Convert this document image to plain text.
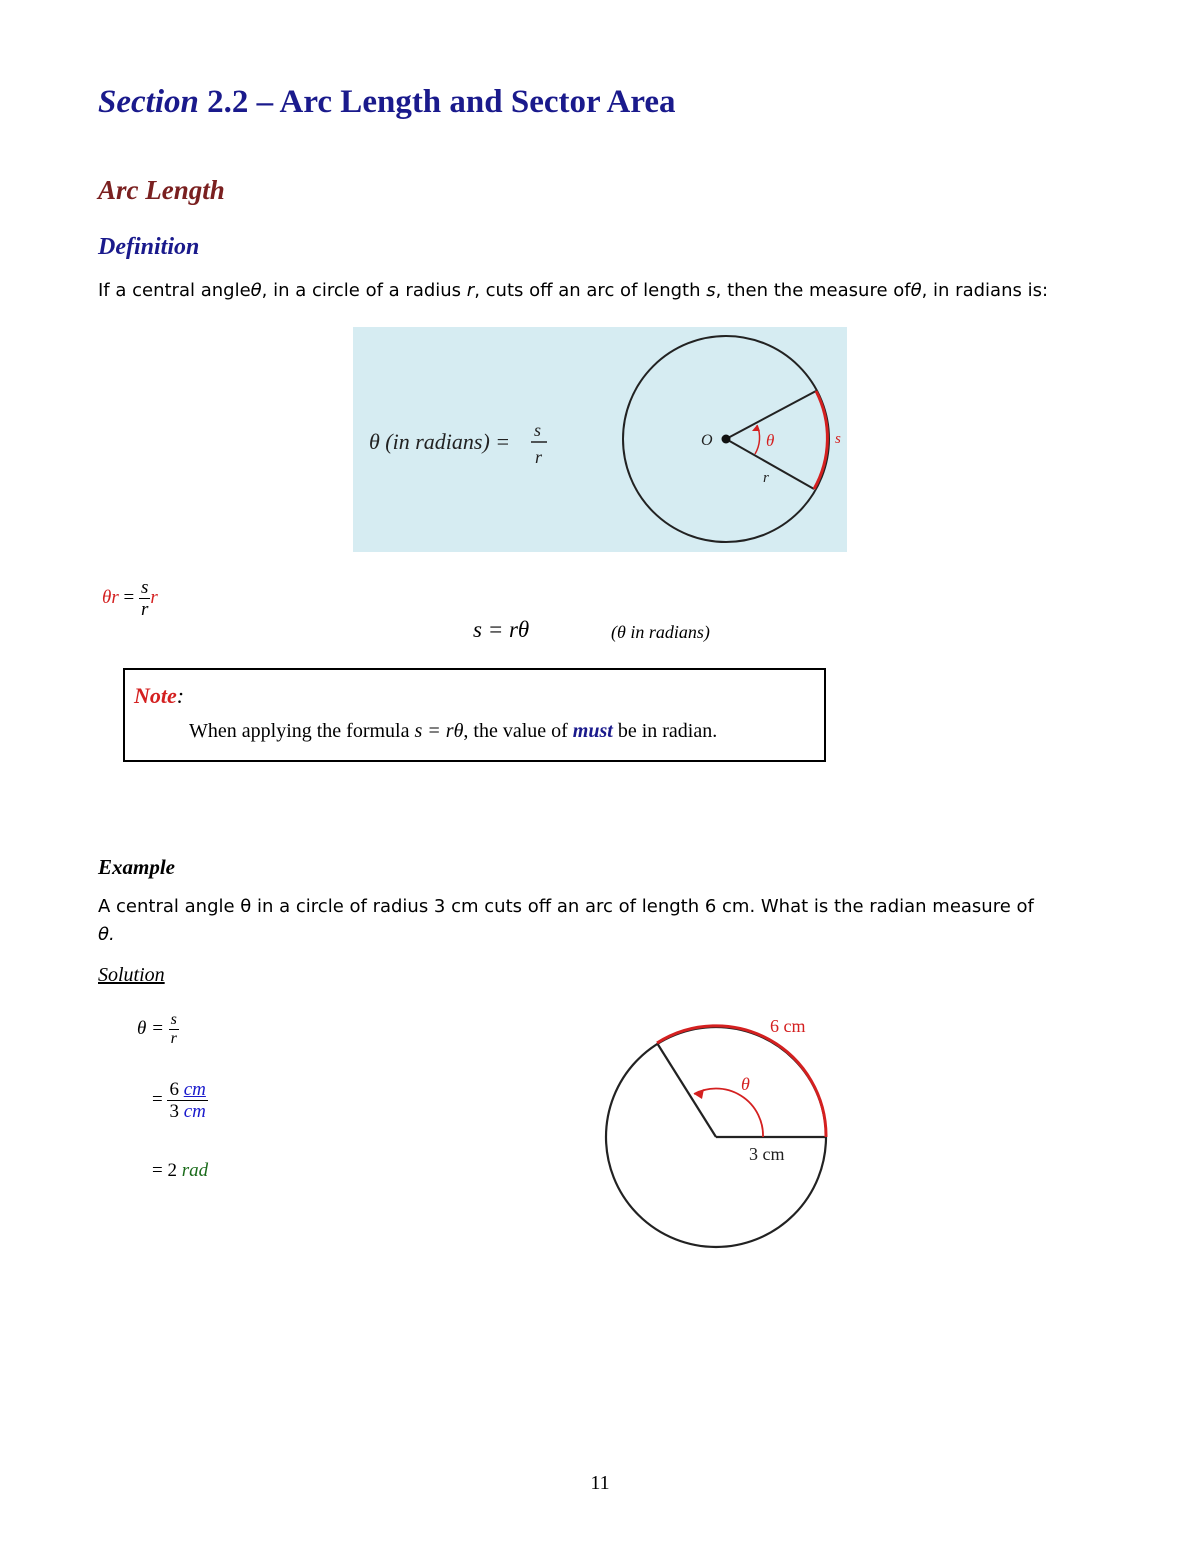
Section 2.2 – Arc Length and Sector Area
Arc Length
Definition
If a central angleθ, in a circle of a radius r, cuts off an arc of length s, then the measure ofθ, in radians is:
O	θ
r
s
θ (in radians) = s
r
$\theta r = \frac{s}{r}$ r
s = rθ	(θ in radians)
Note:
When applying the formula s = rθ, the value of must be in radian.
Example
A central angle θ in a circle of radius 3 cm cuts off an arc of length 6 cm. What is the radian measure of
θ.
Solution
$\theta = \frac{s}{r}$
= $\frac{6 cm}{3 cm}$
= 2 rad
θ
6 cm
3 cm
11
